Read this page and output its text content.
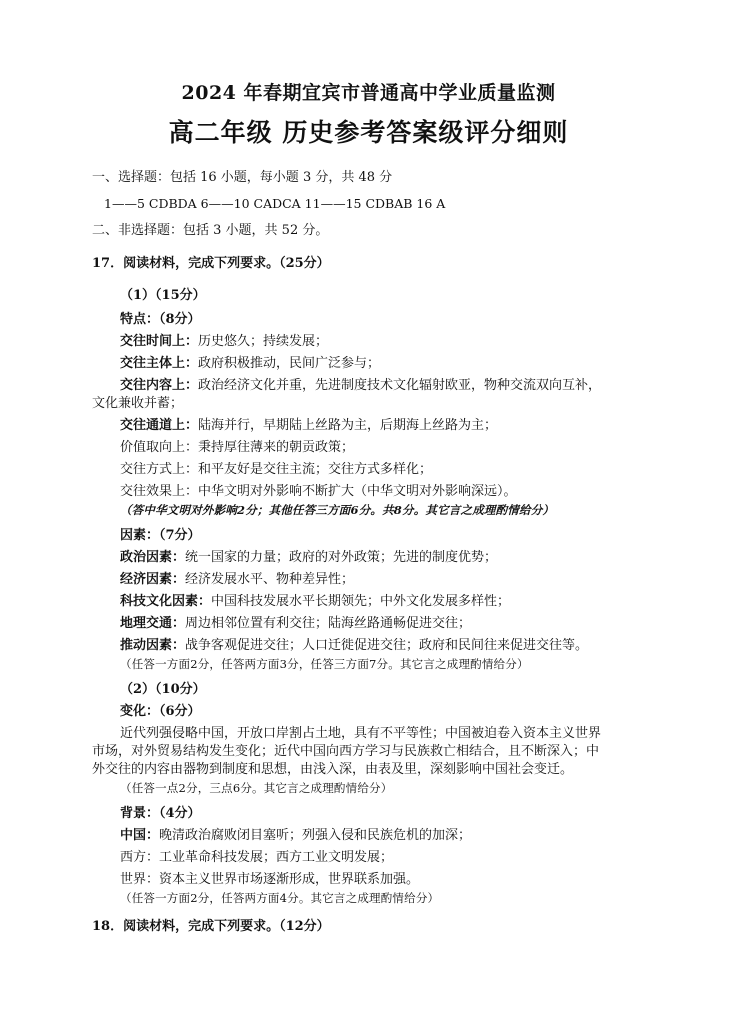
2024 年春期宜宾市普通高中学业质量监测
高二年级 历史参考答案级评分细则
一、选择题：包括 16 小题，每小题 3 分，共 48 分
1——5 CDBDA 6——10 CADCA 11——15 CDBAB 16 A
二、非选择题：包括 3 小题，共 52 分。
17．阅读材料，完成下列要求。（25分）
（1）（15分）
特点：（8分）
交往时间上：历史悠久；持续发展；
交往主体上：政府积极推动，民间广泛参与；
交往内容上：政治经济文化并重，先进制度技术文化辐射欧亚，物种交流双向互补，
文化兼收并蓄；
交往通道上：陆海并行，早期陆上丝路为主，后期海上丝路为主；
价值取向上：秉持厚往薄来的朝贡政策；
交往方式上：和平友好是交往主流；交往方式多样化；
交往效果上：中华文明对外影响不断扩大（中华文明对外影响深远）。
（答中华文明对外影响2分；其他任答三方面6分。共8分。其它言之成理酌情给分）
因素：（7分）
政治因素：统一国家的力量；政府的对外政策；先进的制度优势；
经济因素：经济发展水平、物种差异性；
科技文化因素：中国科技发展水平长期领先；中外文化发展多样性；
地理交通：周边相邻位置有利交往；陆海丝路通畅促进交往；
推动因素：战争客观促进交往；人口迁徙促进交往；政府和民间往来促进交往等。
（任答一方面2分，任答两方面3分，任答三方面7分。其它言之成理酌情给分）
（2）（10分）
变化：（6分）
近代列强侵略中国，开放口岸割占土地，具有不平等性；中国被迫卷入资本主义世界
市场，对外贸易结构发生变化；近代中国向西方学习与民族救亡相结合，且不断深入；中
外交往的内容由器物到制度和思想，由浅入深，由表及里，深刻影响中国社会变迁。
（任答一点2分，三点6分。其它言之成理酌情给分）
背景：（4分）
中国：晚清政治腐败闭目塞听；列强入侵和民族危机的加深；
西方：工业革命科技发展；西方工业文明发展；
世界：资本主义世界市场逐渐形成，世界联系加强。
（任答一方面2分，任答两方面4分。其它言之成理酌情给分）
18．阅读材料，完成下列要求。（12分）
